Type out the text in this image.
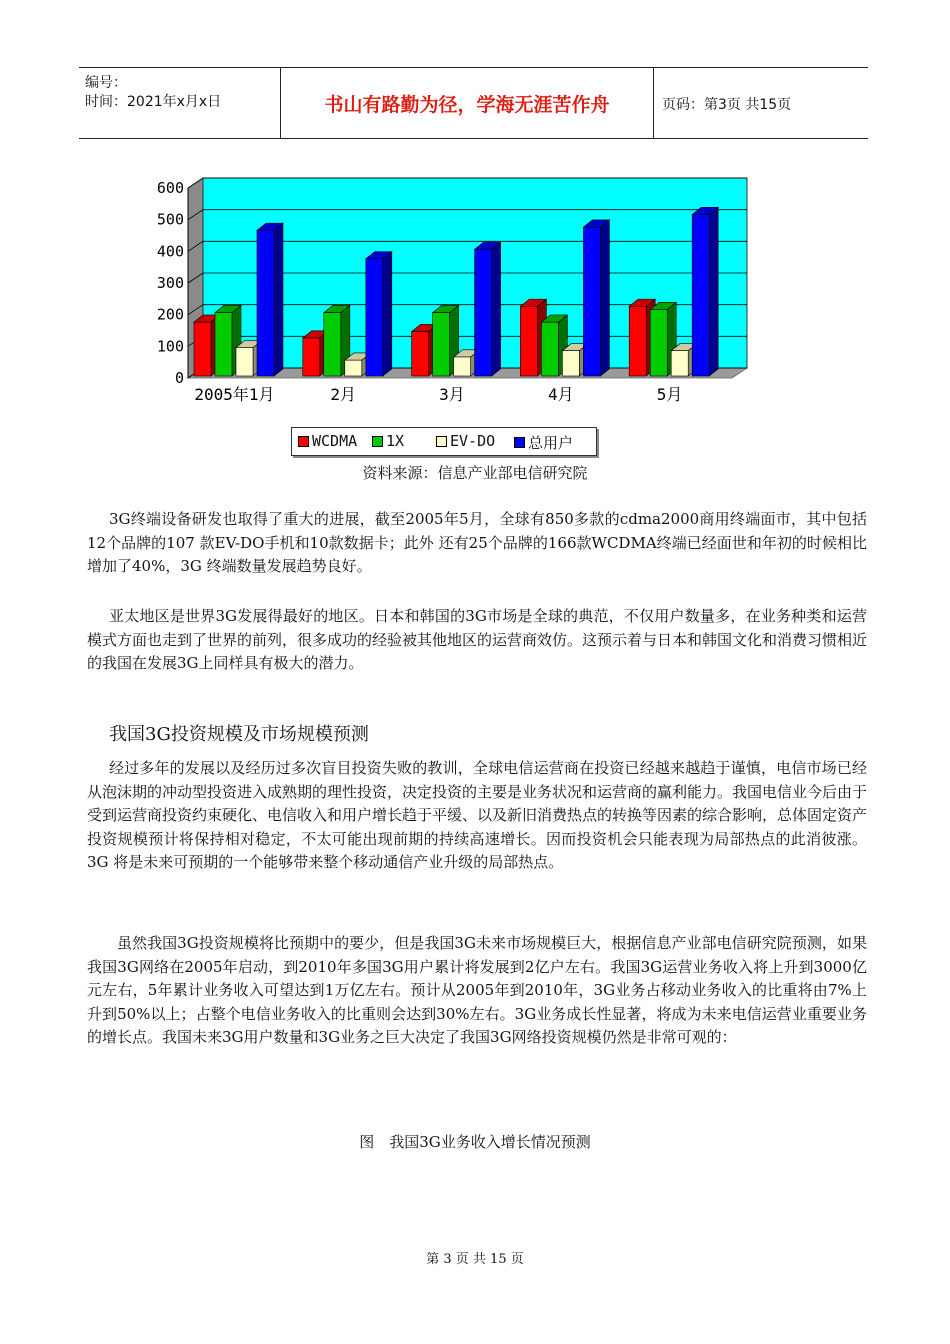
编号：
时间：2021年x月x日	书山有路勤为径，学海无涯苦作舟	页码：第3页 共15页
0
100
200
300
400
500
600
2005年1月	2月	3月	4月	5月
WCDMA 1X	EV-DO 总用户
资料来源：信息产业部电信研究院

3G终端设备研发也取得了重大的进展，截至2005年5月，全球有850多款的cdma2000商用终端面市，其中包括12个品牌的107 款EV-DO手机和10款数据卡；此外 还有25个品牌的166款WCDMA终端已经面世和年初的时候相比增加了40%，3G 终端数量发展趋势良好。

亚太地区是世界3G发展得最好的地区。日本和韩国的3G市场是全球的典范，不仅用户数量多，在业务种类和运营模式方面也走到了世界的前列，很多成功的经验被其他地区的运营商效仿。这预示着与日本和韩国文化和消费习惯相近的我国在发展3G上同样具有极大的潜力。

我国3G投资规模及市场规模预测

经过多年的发展以及经历过多次盲目投资失败的教训，全球电信运营商在投资已经越来越趋于谨慎，电信市场已经从泡沫期的冲动型投资进入成熟期的理性投资，决定投资的主要是业务状况和运营商的赢利能力。我国电信业今后由于受到运营商投资约束硬化、电信收入和用户增长趋于平缓、以及新旧消费热点的转换等因素的综合影响，总体固定资产投资规模预计将保持相对稳定，不太可能出现前期的持续高速增长。因而投资机会只能表现为局部热点的此消彼涨。3G 将是未来可预期的一个能够带来整个移动通信产业升级的局部热点。

虽然我国3G投资规模将比预期中的要少，但是我国3G未来市场规模巨大，根据信息产业部电信研究院预测，如果我国3G网络在2005年启动，到2010年多国3G用户累计将发展到2亿户左右。我国3G运营业务收入将上升到3000亿元左右，5年累计业务收入可望达到1万亿左右。预计从2005年到2010年，3G业务占移动业务收入的比重将由7%上升到50%以上；占整个电信业务收入的比重则会达到30%左右。3G业务成长性显著，将成为未来电信运营业重要业务的增长点。我国未来3G用户数量和3G业务之巨大决定了我国3G网络投资规模仍然是非常可观的：

图　我国3G业务收入增长情况预测
第 3 页 共 15 页
